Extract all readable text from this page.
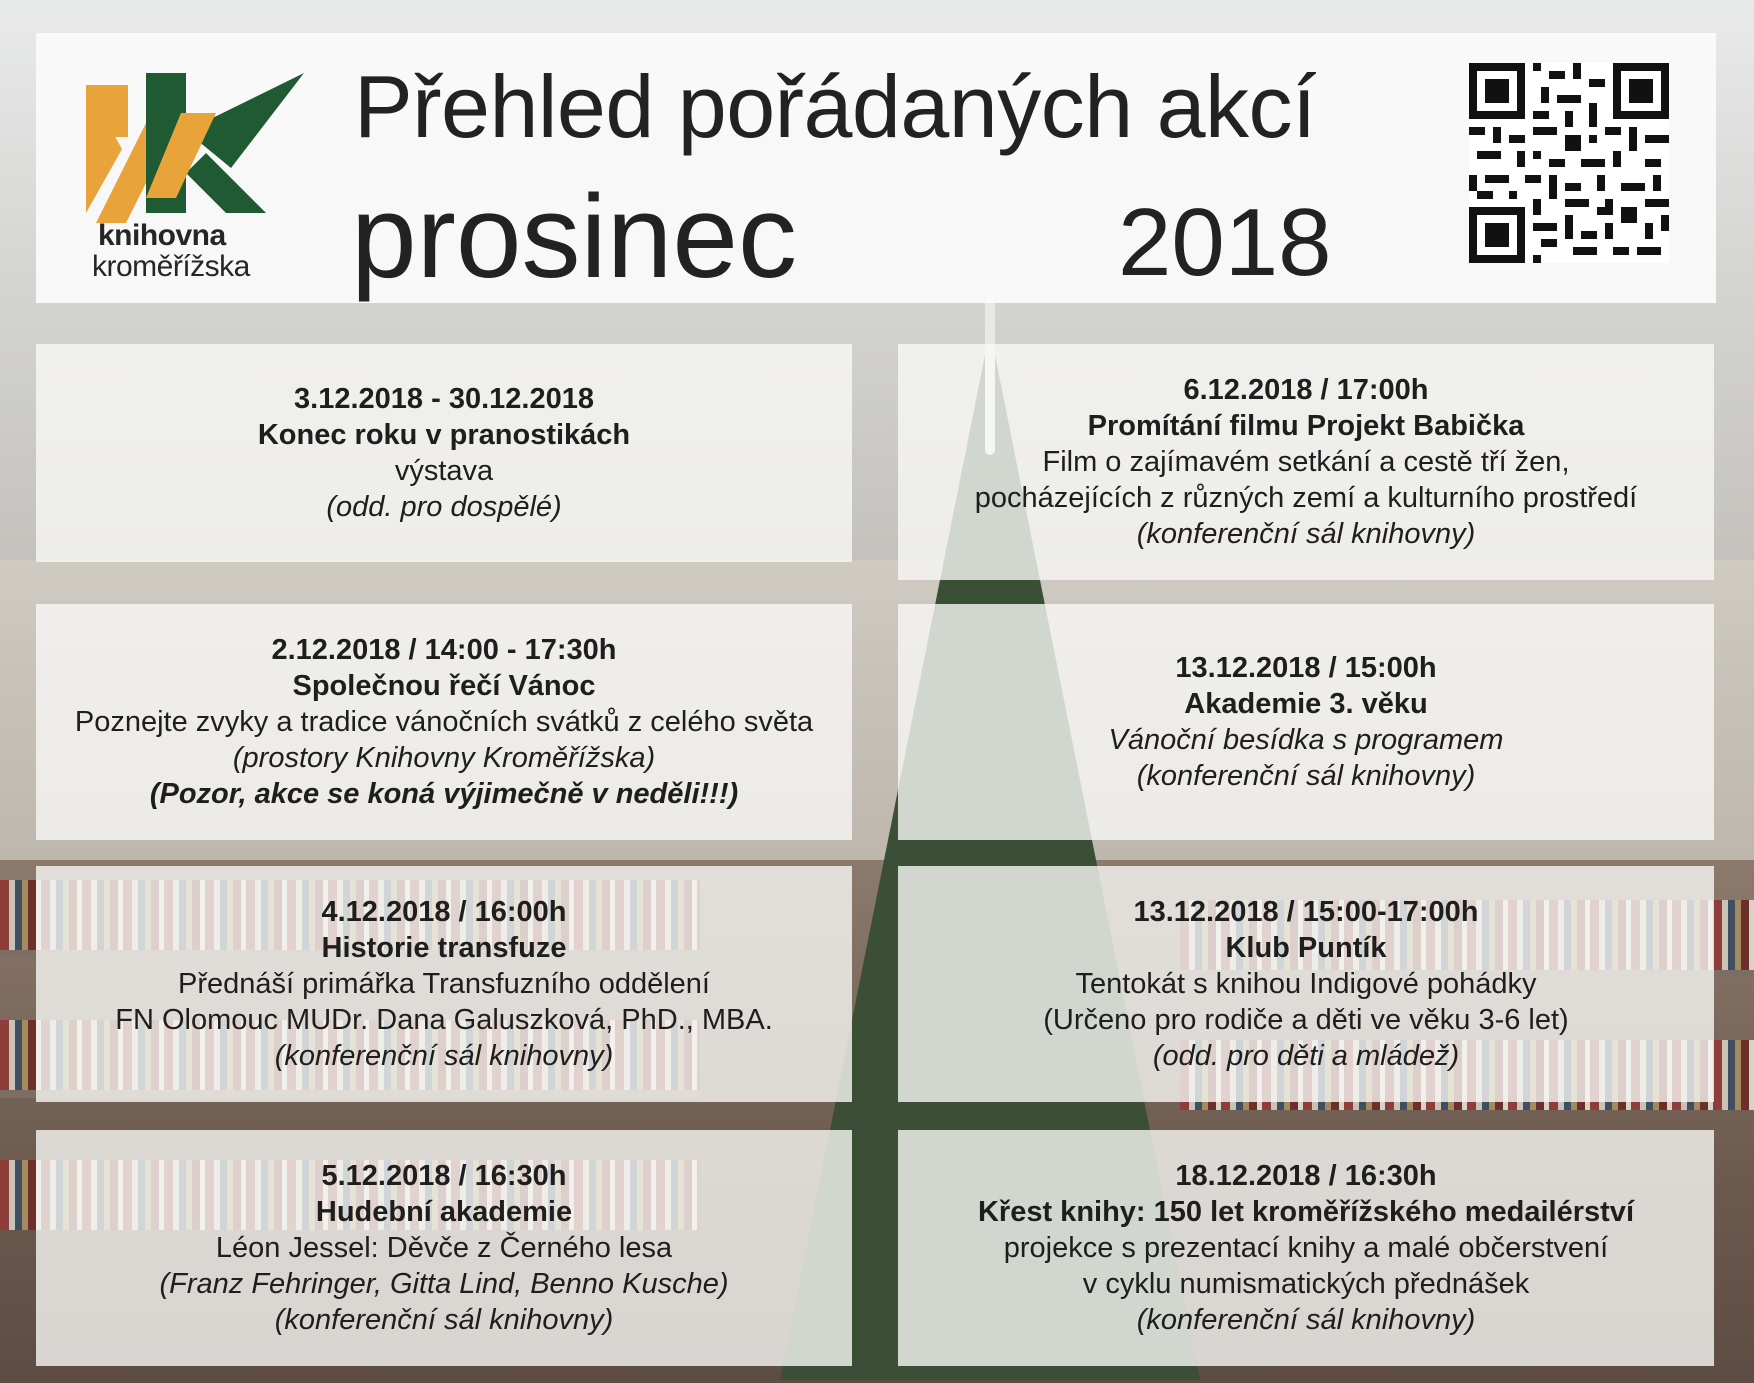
knihovna
kroměřížska
Přehled pořádaných akcí
prosinec	2018
3.12.2018 - 30.12.2018
Konec roku v pranostikách
výstava
(odd. pro dospělé)
6.12.2018 / 17:00h
Promítání filmu Projekt Babička
Film o zajímavém setkání a cestě tří žen,
pocházejících z různých zemí a kulturního prostředí
(konferenční sál knihovny)
2.12.2018 / 14:00 - 17:30h
Společnou řečí Vánoc
Poznejte zvyky a tradice vánočních svátků z celého světa
(prostory Knihovny Kroměřížska)
(Pozor, akce se koná výjimečně v neděli!!!)
13.12.2018 / 15:00h
Akademie 3. věku
Vánoční besídka s programem
(konferenční sál knihovny)
4.12.2018 / 16:00h
Historie transfuze
Přednáší primářka Transfuzního oddělení
FN Olomouc MUDr. Dana Galuszková, PhD., MBA.
(konferenční sál knihovny)
13.12.2018 / 15:00-17:00h
Klub Puntík
Tentokát s knihou Indigové pohádky
(Určeno pro rodiče a děti ve věku 3-6 let)
(odd. pro děti a mládež)
5.12.2018 / 16:30h
Hudební akademie
Léon Jessel: Děvče z Černého lesa
(Franz Fehringer, Gitta Lind, Benno Kusche)
(konferenční sál knihovny)
18.12.2018 / 16:30h
Křest knihy: 150 let kroměřížského medailérství
projekce s prezentací knihy a malé občerstvení
v cyklu numismatických přednášek
(konferenční sál knihovny)
